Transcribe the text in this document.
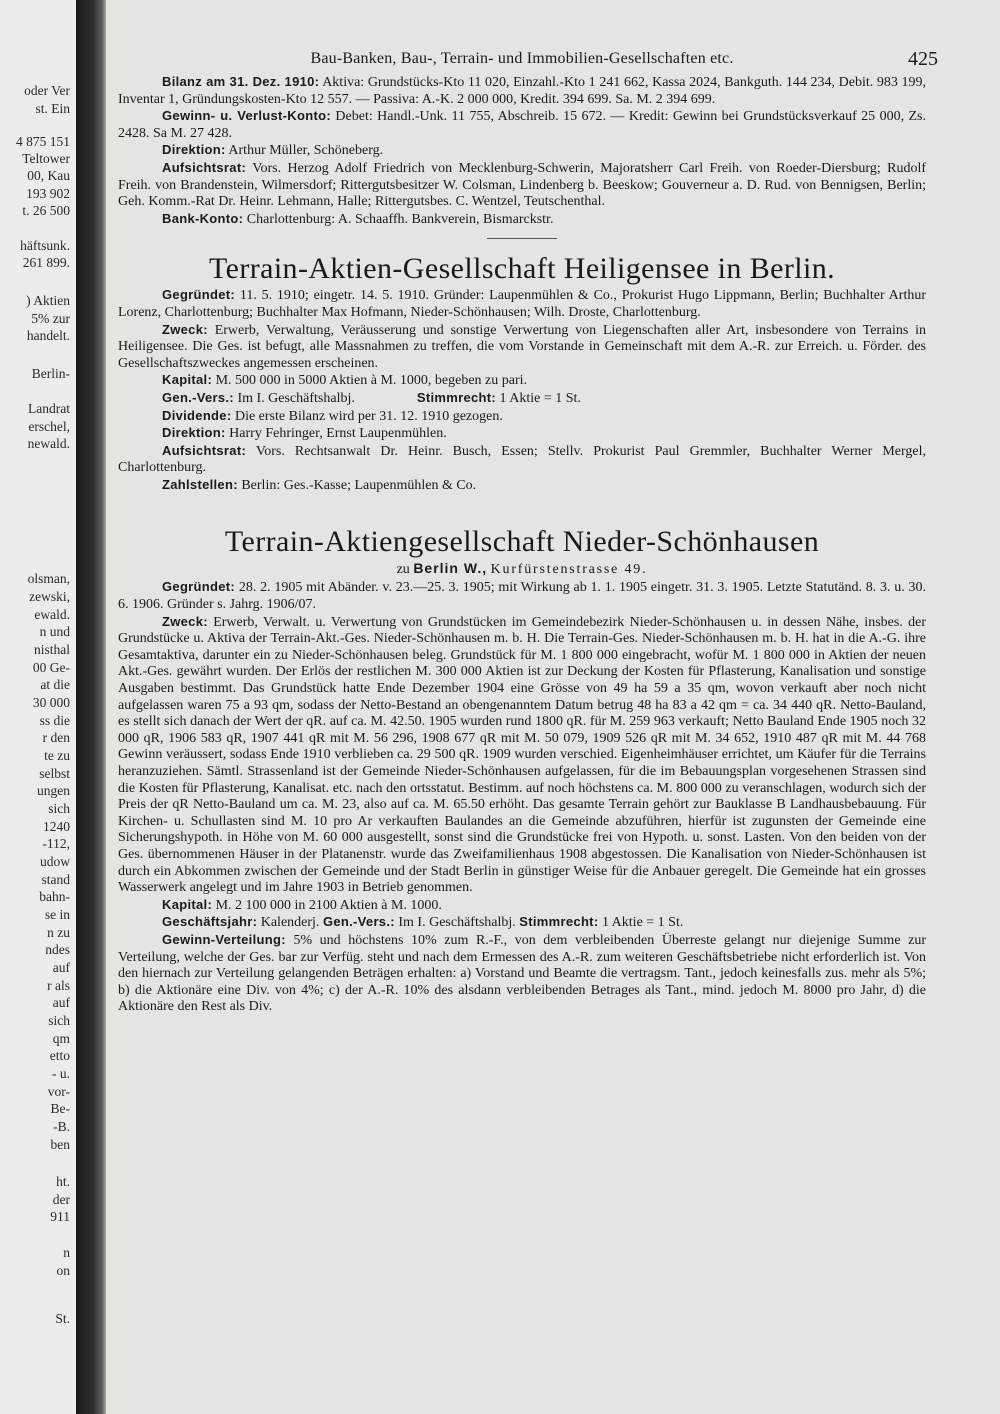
oder Ver
st. Ein
4 875 151
Teltower
00, Kau
193 902
t. 26 500
häftsunk.
261 899.
) Aktien
5% zur
handelt.
Berlin-
Landrat
erschel,
newald.
olsman,
zewski,
ewald.
n und
nisthal
00 Ge-
at die
30 000
ss die
r den
te zu
selbst
ungen
sich
1240
-112,
udow
stand
bahn-
se in
n zu
ndes
auf
r als
auf
sich
qm
etto
- u.
vor-
Be-
-B.
ben
ht.
der
911
n
on
St.
Bau-Banken, Bau-, Terrain- und Immobilien-Gesellschaften etc.	425

Bilanz am 31. Dez. 1910: Aktiva: Grundstücks-Kto 11 020, Einzahl.-Kto 1 241 662, Kassa 2024, Bankguth. 144 234, Debit. 983 199, Inventar 1, Gründungskosten-Kto 12 557. — Passiva: A.-K. 2 000 000, Kredit. 394 699. Sa. M. 2 394 699.

Gewinn- u. Verlust-Konto: Debet: Handl.-Unk. 11 755, Abschreib. 15 672. — Kredit: Gewinn bei Grundstücksverkauf 25 000, Zs. 2428. Sa M. 27 428.

Direktion: Arthur Müller, Schöneberg.

Aufsichtsrat: Vors. Herzog Adolf Friedrich von Mecklenburg-Schwerin, Majoratsherr Carl Freih. von Roeder-Diersburg; Rudolf Freih. von Brandenstein, Wilmersdorf; Rittergutsbesitzer W. Colsman, Lindenberg b. Beeskow; Gouverneur a. D. Rud. von Bennigsen, Berlin; Geh. Komm.-Rat Dr. Heinr. Lehmann, Halle; Rittergutsbes. C. Wentzel, Teutschenthal.

Bank-Konto: Charlottenburg: A. Schaaffh. Bankverein, Bismarckstr.

Terrain-Aktien-Gesellschaft Heiligensee in Berlin.

Gegründet: 11. 5. 1910; eingetr. 14. 5. 1910. Gründer: Laupenmühlen & Co., Prokurist Hugo Lippmann, Berlin; Buchhalter Arthur Lorenz, Charlottenburg; Buchhalter Max Hofmann, Nieder-Schönhausen; Wilh. Droste, Charlottenburg.

Zweck: Erwerb, Verwaltung, Veräusserung und sonstige Verwertung von Liegenschaften aller Art, insbesondere von Terrains in Heiligensee. Die Ges. ist befugt, alle Massnahmen zu treffen, die vom Vorstande in Gemeinschaft mit dem A.-R. zur Erreich. u. Förder. des Gesellschaftszweckes angemessen erscheinen.

Kapital: M. 500 000 in 5000 Aktien à M. 1000, begeben zu pari.

Gen.-Vers.: Im I. Geschäftshalbj.	Stimmrecht: 1 Aktie = 1 St.

Dividende: Die erste Bilanz wird per 31. 12. 1910 gezogen.

Direktion: Harry Fehringer, Ernst Laupenmühlen.

Aufsichtsrat: Vors. Rechtsanwalt Dr. Heinr. Busch, Essen; Stellv. Prokurist Paul Gremmler, Buchhalter Werner Mergel, Charlottenburg.

Zahlstellen: Berlin: Ges.-Kasse; Laupenmühlen & Co.

Terrain-Aktiengesellschaft Nieder-Schönhausen
zu Berlin W., Kurfürstenstrasse 49.

Gegründet: 28. 2. 1905 mit Abänder. v. 23.—25. 3. 1905; mit Wirkung ab 1. 1. 1905 eingetr. 31. 3. 1905. Letzte Statutänd. 8. 3. u. 30. 6. 1906. Gründer s. Jahrg. 1906/07.

Zweck: Erwerb, Verwalt. u. Verwertung von Grundstücken im Gemeindebezirk Nieder-Schönhausen u. in dessen Nähe, insbes. der Grundstücke u. Aktiva der Terrain-Akt.-Ges. Nieder-Schönhausen m. b. H. Die Terrain-Ges. Nieder-Schönhausen m. b. H. hat in die A.-G. ihre Gesamtaktiva, darunter ein zu Nieder-Schönhausen beleg. Grundstück für M. 1 800 000 eingebracht, wofür M. 1 800 000 in Aktien der neuen Akt.-Ges. gewährt wurden. Der Erlös der restlichen M. 300 000 Aktien ist zur Deckung der Kosten für Pflasterung, Kanalisation und sonstige Ausgaben bestimmt. Das Grundstück hatte Ende Dezember 1904 eine Grösse von 49 ha 59 a 35 qm, wovon verkauft aber noch nicht aufgelassen waren 75 a 93 qm, sodass der Netto-Bestand an obengenanntem Datum betrug 48 ha 83 a 42 qm = ca. 34 440 qR. Netto-Bauland, es stellt sich danach der Wert der qR. auf ca. M. 42.50. 1905 wurden rund 1800 qR. für M. 259 963 verkauft; Netto Bauland Ende 1905 noch 32 000 qR, 1906 583 qR, 1907 441 qR mit M. 56 296, 1908 677 qR mit M. 50 079, 1909 526 qR mit M. 34 652, 1910 487 qR mit M. 44 768 Gewinn veräussert, sodass Ende 1910 verblieben ca. 29 500 qR. 1909 wurden verschied. Eigenheimhäuser errichtet, um Käufer für die Terrains heranzuziehen. Sämtl. Strassenland ist der Gemeinde Nieder-Schönhausen aufgelassen, für die im Bebauungsplan vorgesehenen Strassen sind die Kosten für Pflasterung, Kanalisat. etc. nach den ortsstatut. Bestimm. auf noch höchstens ca. M. 800 000 zu veranschlagen, wodurch sich der Preis der qR Netto-Bauland um ca. M. 23, also auf ca. M. 65.50 erhöht. Das gesamte Terrain gehört zur Bauklasse B Landhausbebauung. Für Kirchen- u. Schullasten sind M. 10 pro Ar verkauften Baulandes an die Gemeinde abzuführen, hierfür ist zugunsten der Gemeinde eine Sicherungshypoth. in Höhe von M. 60 000 ausgestellt, sonst sind die Grundstücke frei von Hypoth. u. sonst. Lasten. Von den beiden von der Ges. übernommenen Häuser in der Platanenstr. wurde das Zweifamilienhaus 1908 abgestossen. Die Kanalisation von Nieder-Schönhausen ist durch ein Abkommen zwischen der Gemeinde und der Stadt Berlin in günstiger Weise für die Anbauer geregelt. Die Gemeinde hat ein grosses Wasserwerk angelegt und im Jahre 1903 in Betrieb genommen.

Kapital: M. 2 100 000 in 2100 Aktien à M. 1000.

Geschäftsjahr: Kalenderj. Gen.-Vers.: Im I. Geschäftshalbj. Stimmrecht: 1 Aktie = 1 St.

Gewinn-Verteilung: 5% und höchstens 10% zum R.-F., von dem verbleibenden Überreste gelangt nur diejenige Summe zur Verteilung, welche der Ges. bar zur Verfüg. steht und nach dem Ermessen des A.-R. zum weiteren Geschäftsbetriebe nicht erforderlich ist. Von den hiernach zur Verteilung gelangenden Beträgen erhalten: a) Vorstand und Beamte die vertragsm. Tant., jedoch keinesfalls zus. mehr als 5%; b) die Aktionäre eine Div. von 4%; c) der A.-R. 10% des alsdann verbleibenden Betrages als Tant., mind. jedoch M. 8000 pro Jahr, d) die Aktionäre den Rest als Div.
